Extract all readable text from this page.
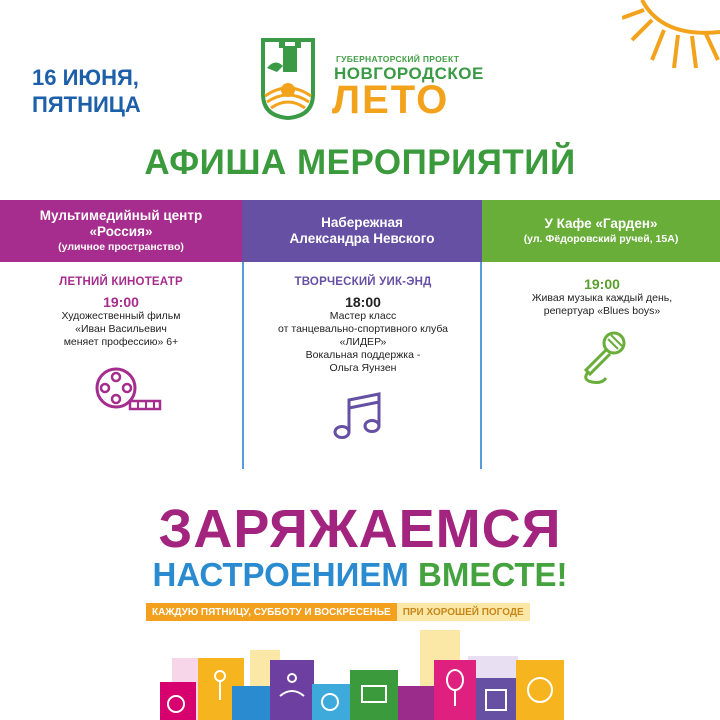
16 ИЮНЯ,
ПЯТНИЦА
ГУБЕРНАТОРСКИЙ ПРОЕКТ
НОВГОРОДСКОЕ
ЛЕТО
АФИША МЕРОПРИЯТИЙ
Мультимедийный центр
«Россия»
(уличное пространство)
Набережная
Александра Невского
У Кафе «Гарден»
(ул. Фёдоровский ручей, 15А)
ЛЕТНИЙ КИНОТЕАТР
19:00
Художественный фильм
«Иван Васильевич
меняет профессию» 6+
ТВОРЧЕСКИЙ УИК-ЭНД
18:00
Мастер класс
от танцевально-спортивного клуба
«ЛИДЕР»
Вокальная поддержка -
Ольга Яунзен
19:00
Живая музыка каждый день,
репертуар «Blues boys»
ЗАРЯЖАЕМСЯ
НАСТРОЕНИЕМ ВМЕСТЕ!
КАЖДУЮ ПЯТНИЦУ, СУББОТУ И ВОСКРЕСЕНЬЕ	ПРИ ХОРОШЕЙ ПОГОДЕ
